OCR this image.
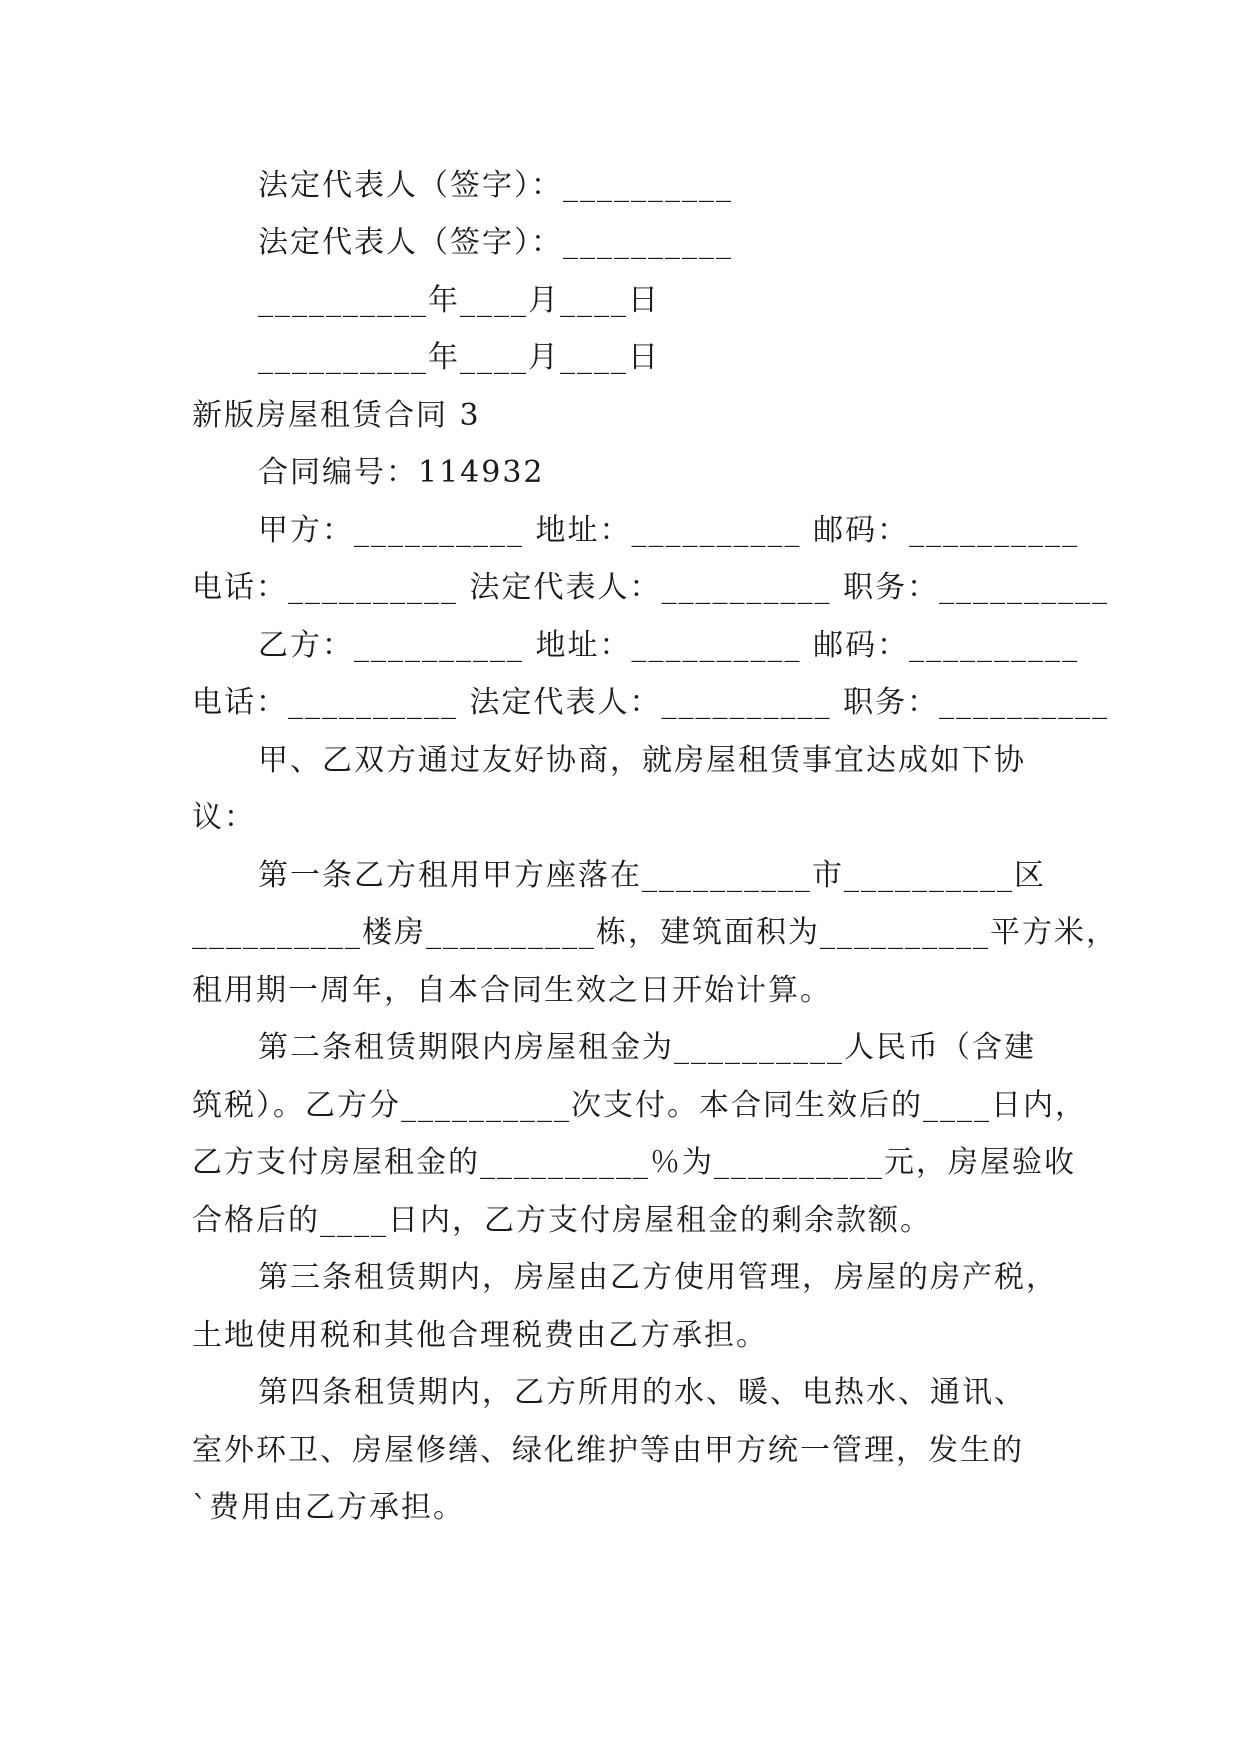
法定代表人（签字）：__________
法定代表人（签字）：__________
__________年____月____日
__________年____月____日
新版房屋租赁合同 3
合同编号：114932
甲方：__________ 地址：__________ 邮码：__________
电话：__________ 法定代表人：__________ 职务：__________
乙方：__________ 地址：__________ 邮码：__________
电话：__________ 法定代表人：__________ 职务：__________
甲、乙双方通过友好协商，就房屋租赁事宜达成如下协
议：
第一条乙方租用甲方座落在__________市__________区
__________楼房__________栋，建筑面积为__________平方米，
租用期一周年，自本合同生效之日开始计算。
第二条租赁期限内房屋租金为__________人民币（含建
筑税）。乙方分__________次支付。本合同生效后的____日内，
乙方支付房屋租金的__________％为__________元，房屋验收
合格后的____日内，乙方支付房屋租金的剩余款额。
第三条租赁期内，房屋由乙方使用管理，房屋的房产税，
土地使用税和其他合理税费由乙方承担。
第四条租赁期内，乙方所用的水、暖、电热水、通讯、
室外环卫、房屋修缮、绿化维护等由甲方统一管理，发生的
`费用由乙方承担。
